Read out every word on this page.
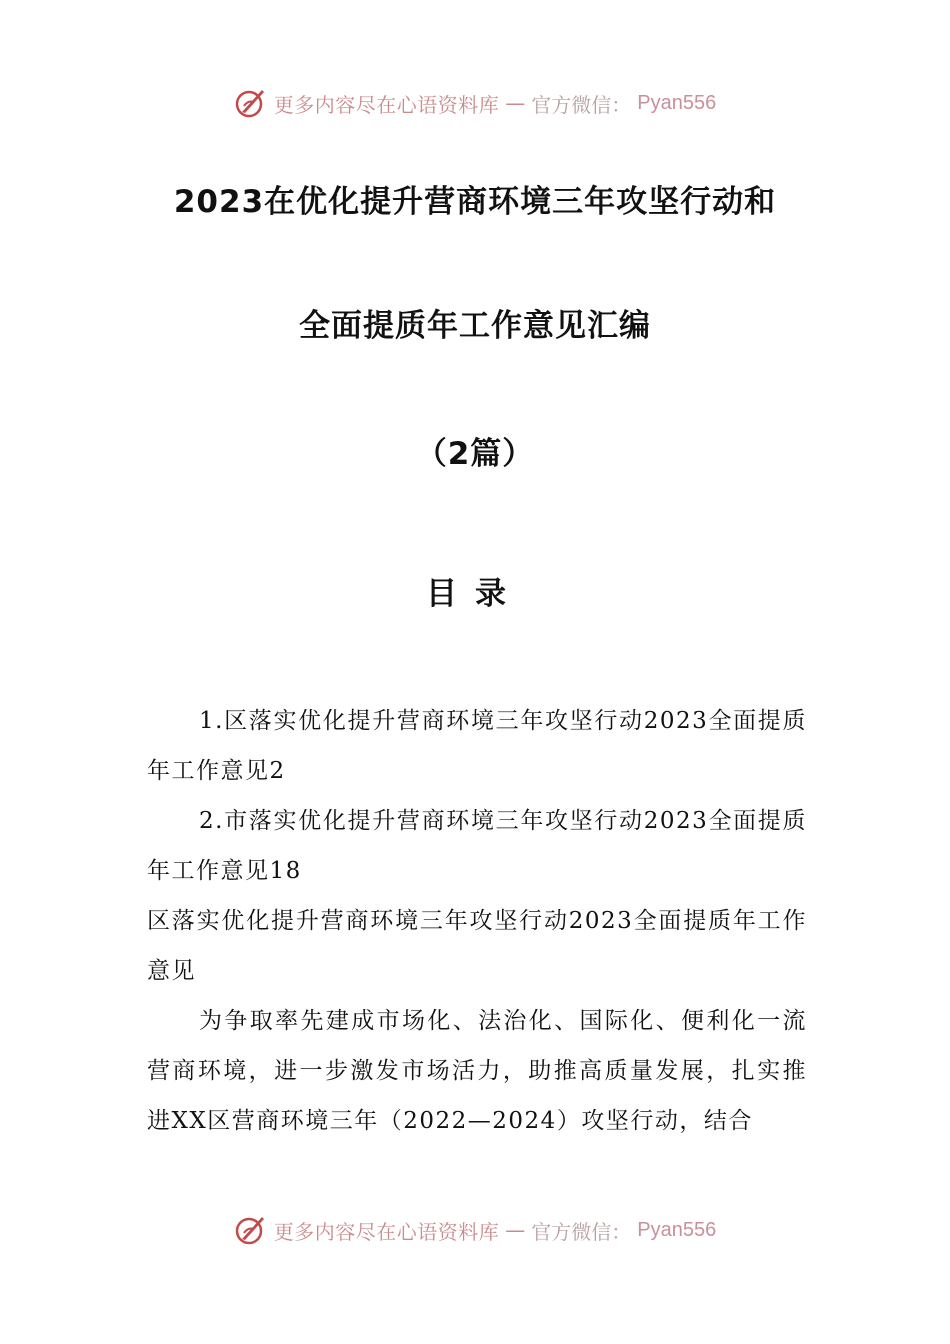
更多内容尽在心语资料库 — 官方微信： Pyan556
2023在优化提升营商环境三年攻坚行动和
全面提质年工作意见汇编
（2篇）
目录

1.区落实优化提升营商环境三年攻坚行动2023全面提质年工作意见2

2.市落实优化提升营商环境三年攻坚行动2023全面提质年工作意见18

区落实优化提升营商环境三年攻坚行动2023全面提质年工作意见

为争取率先建成市场化、法治化、国际化、便利化一流营商环境，进一步激发市场活力，助推高质量发展，扎实推进XX区营商环境三年（2022—2024）攻坚行动，结合

更多内容尽在心语资料库 — 官方微信： Pyan556
